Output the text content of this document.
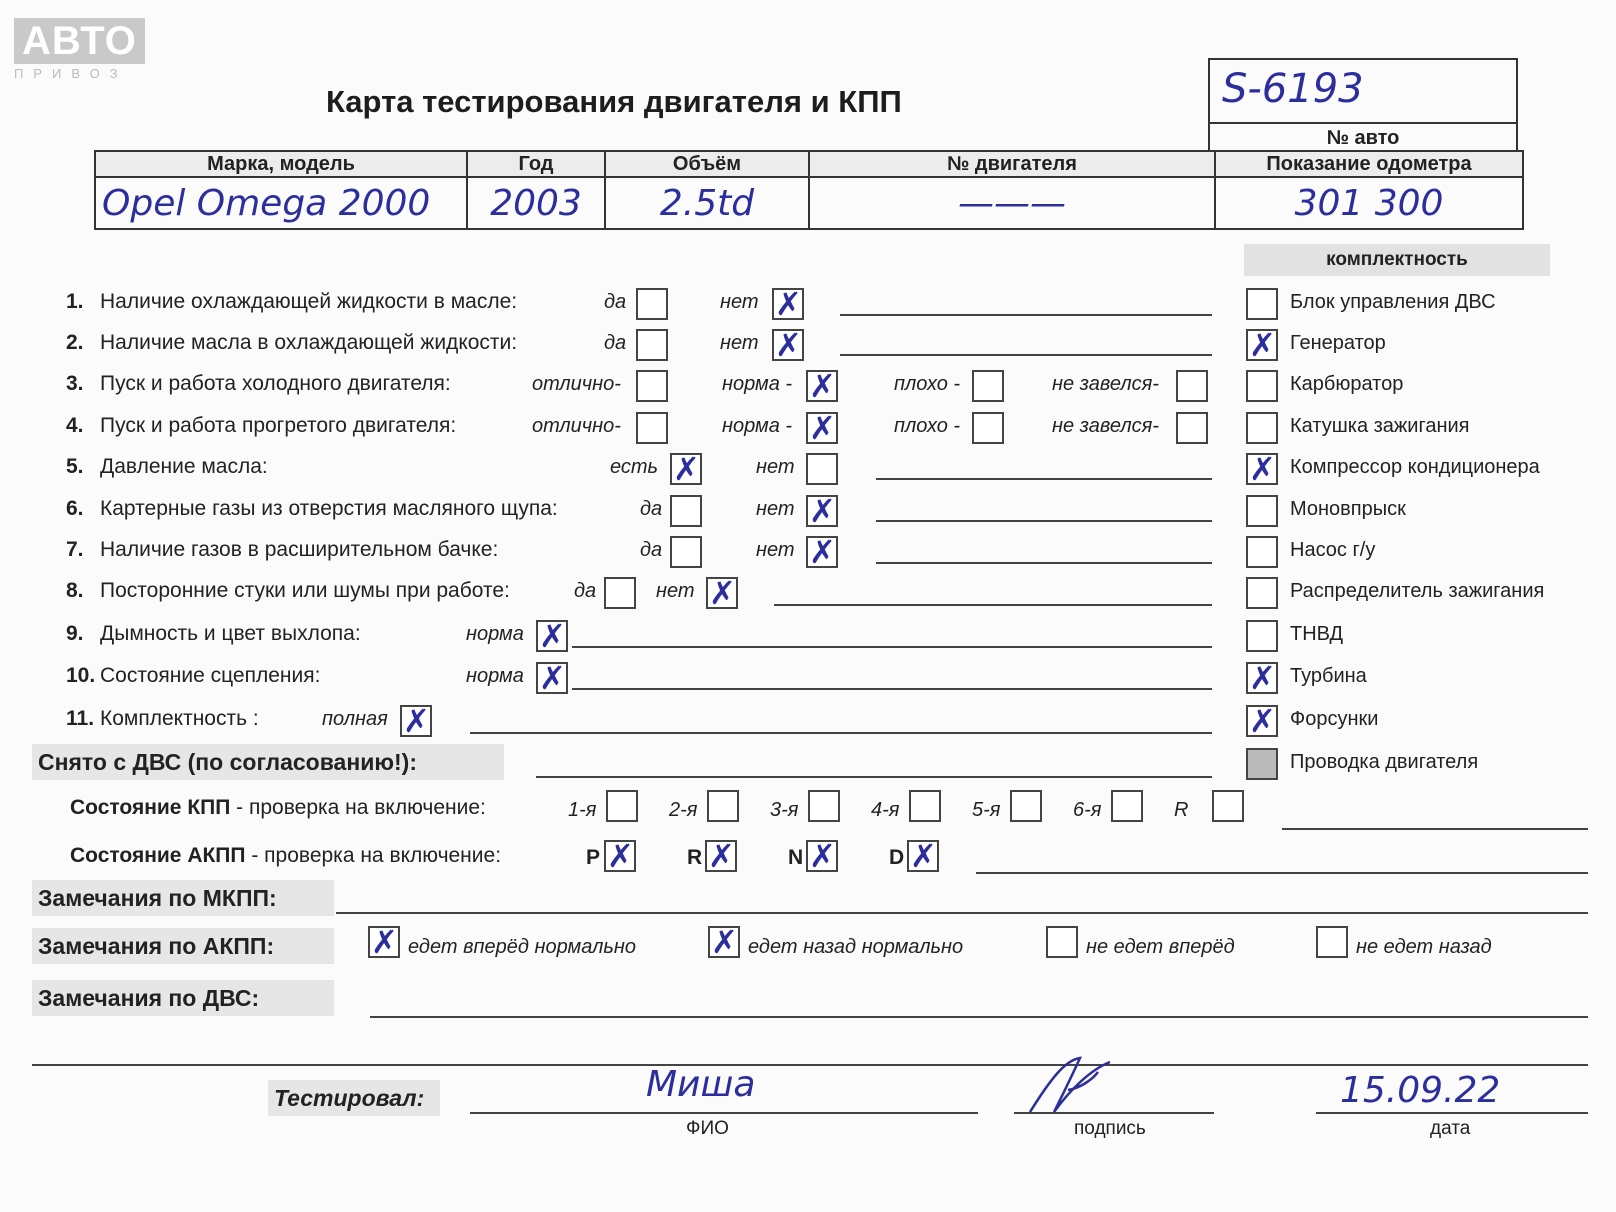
АВТО
ПРИВОЗ
Карта тестирования двигателя и КПП	S-6193
№ авто
Марка, модель	Год	Объём	№ двигателя	Показание одометра
Opel Omega 2000	2003	2.5td	———	301 300
комплектность
1. Наличие охлаждающей жидкости в масле:	да	нет ✗
2. Наличие масла в охлаждающей жидкости:	да	нет ✗
3. Пуск и работа холодного двигателя:	отлично-	норма - ✗	плохо -	не завелся-
4. Пуск и работа прогретого двигателя:	отлично-	норма - ✗	плохо -	не завелся-
5. Давление масла:	есть ✗	нет
6. Картерные газы из отверстия масляного щупа:	да	нет ✗
7. Наличие газов в расширительном бачке:	да	нет ✗
8. Посторонние стуки или шумы при работе:	да	нет ✗
9. Дымность и цвет выхлопа:	норма ✗
10. Состояние сцепления:	норма ✗
11. Комплектность :	полная ✗
Блок управления ДВС
✗ Генератор
Карбюратор
Катушка зажигания
✗ Компрессор кондиционера
Моновпрыск
Насос г/у
Распределитель зажигания
ТНВД
✗ Турбина
✗ Форсунки
Проводка двигателя
Снято с ДВС (по согласованию!):
Состояние КПП - проверка на включение:	1-я	2-я	3-я	4-я	5-я	6-я	R
Состояние АКПП - проверка на включение:	P ✗	R ✗	N ✗	D ✗
Замечания по МКПП:
Замечания по АКПП:	✗ едет вперёд нормально ✗ едет назад нормально	не едет вперёд	не едет назад
Замечания по ДВС:
Тестировал:	Миша
ФИО	подпись
15.09.22
дата
